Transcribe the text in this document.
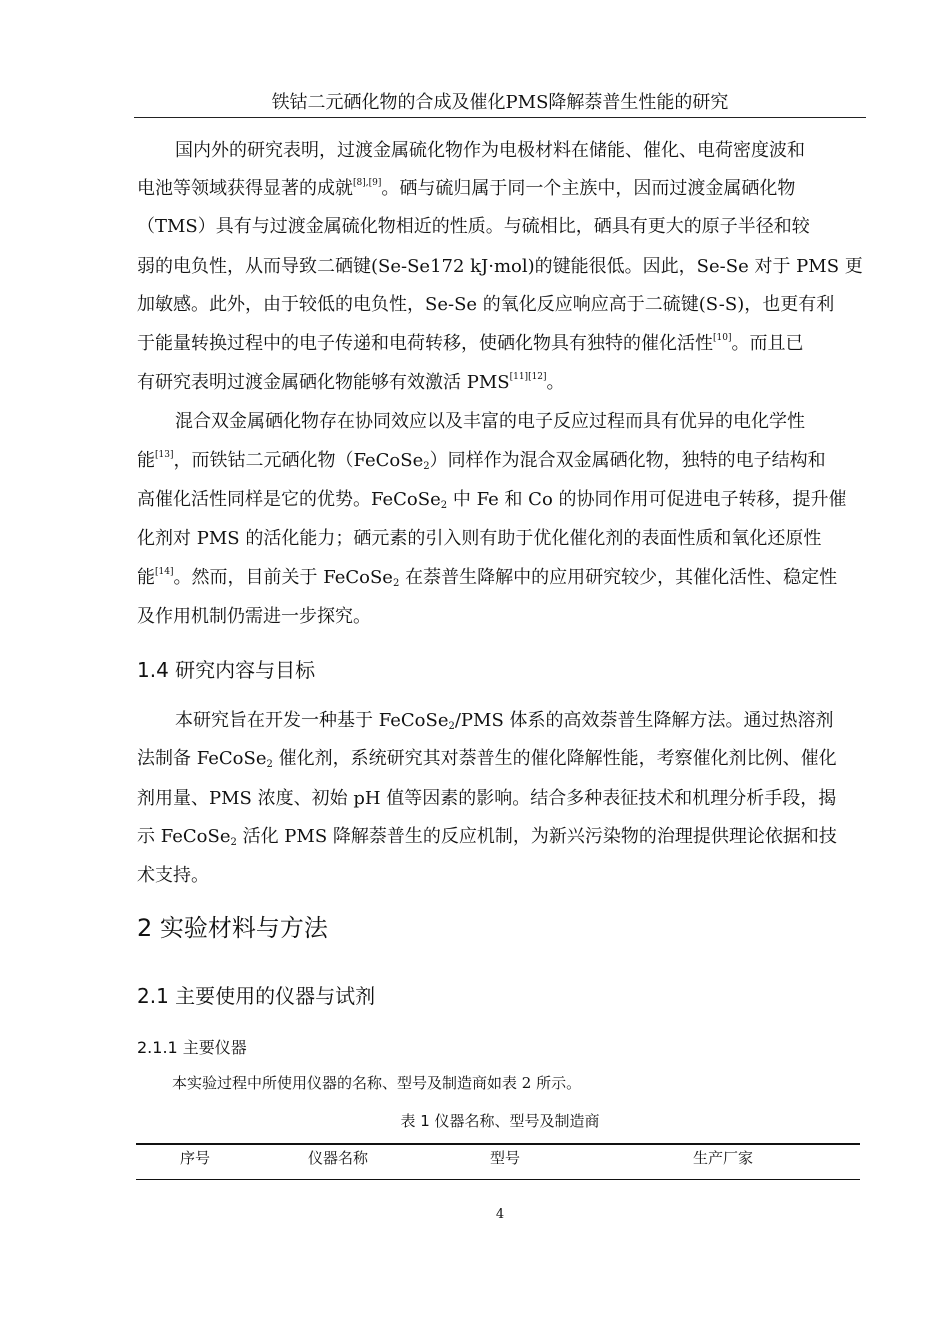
铁钴二元硒化物的合成及催化PMS降解萘普生性能的研究
国内外的研究表明，过渡金属硫化物作为电极材料在储能、催化、电荷密度波和
电池等领域获得显著的成就[8],[9]。硒与硫归属于同一个主族中，因而过渡金属硒化物
（TMS）具有与过渡金属硫化物相近的性质。与硫相比，硒具有更大的原子半径和较
弱的电负性，从而导致二硒键(Se-Se172 kJ·mol)的键能很低。因此，Se-Se 对于 PMS 更
加敏感。此外，由于较低的电负性，Se-Se 的氧化反应响应高于二硫键(S-S)，也更有利
于能量转换过程中的电子传递和电荷转移，使硒化物具有独特的催化活性[10]。而且已
有研究表明过渡金属硒化物能够有效激活 PMS[11][12]。
混合双金属硒化物存在协同效应以及丰富的电子反应过程而具有优异的电化学性
能[13]，而铁钴二元硒化物（FeCoSe$_2$）同样作为混合双金属硒化物，独特的电子结构和
高催化活性同样是它的优势。FeCoSe$_2$ 中 Fe 和 Co 的协同作用可促进电子转移，提升催
化剂对 PMS 的活化能力；硒元素的引入则有助于优化催化剂的表面性质和氧化还原性
能[14]。然而，目前关于 FeCoSe$_2$ 在萘普生降解中的应用研究较少，其催化活性、稳定性
及作用机制仍需进一步探究。
1.4 研究内容与目标
本研究旨在开发一种基于 FeCoSe$_2$/PMS 体系的高效萘普生降解方法。通过热溶剂
法制备 FeCoSe$_2$ 催化剂，系统研究其对萘普生的催化降解性能，考察催化剂比例、催化
剂用量、PMS 浓度、初始 pH 值等因素的影响。结合多种表征技术和机理分析手段，揭
示 FeCoSe$_2$ 活化 PMS 降解萘普生的反应机制，为新兴污染物的治理提供理论依据和技
术支持。
2 实验材料与方法
2.1 主要使用的仪器与试剂
2.1.1 主要仪器
本实验过程中所使用仪器的名称、型号及制造商如表 2 所示。
表 1 仪器名称、型号及制造商
序号	仪器名称	型号	生产厂家
4
